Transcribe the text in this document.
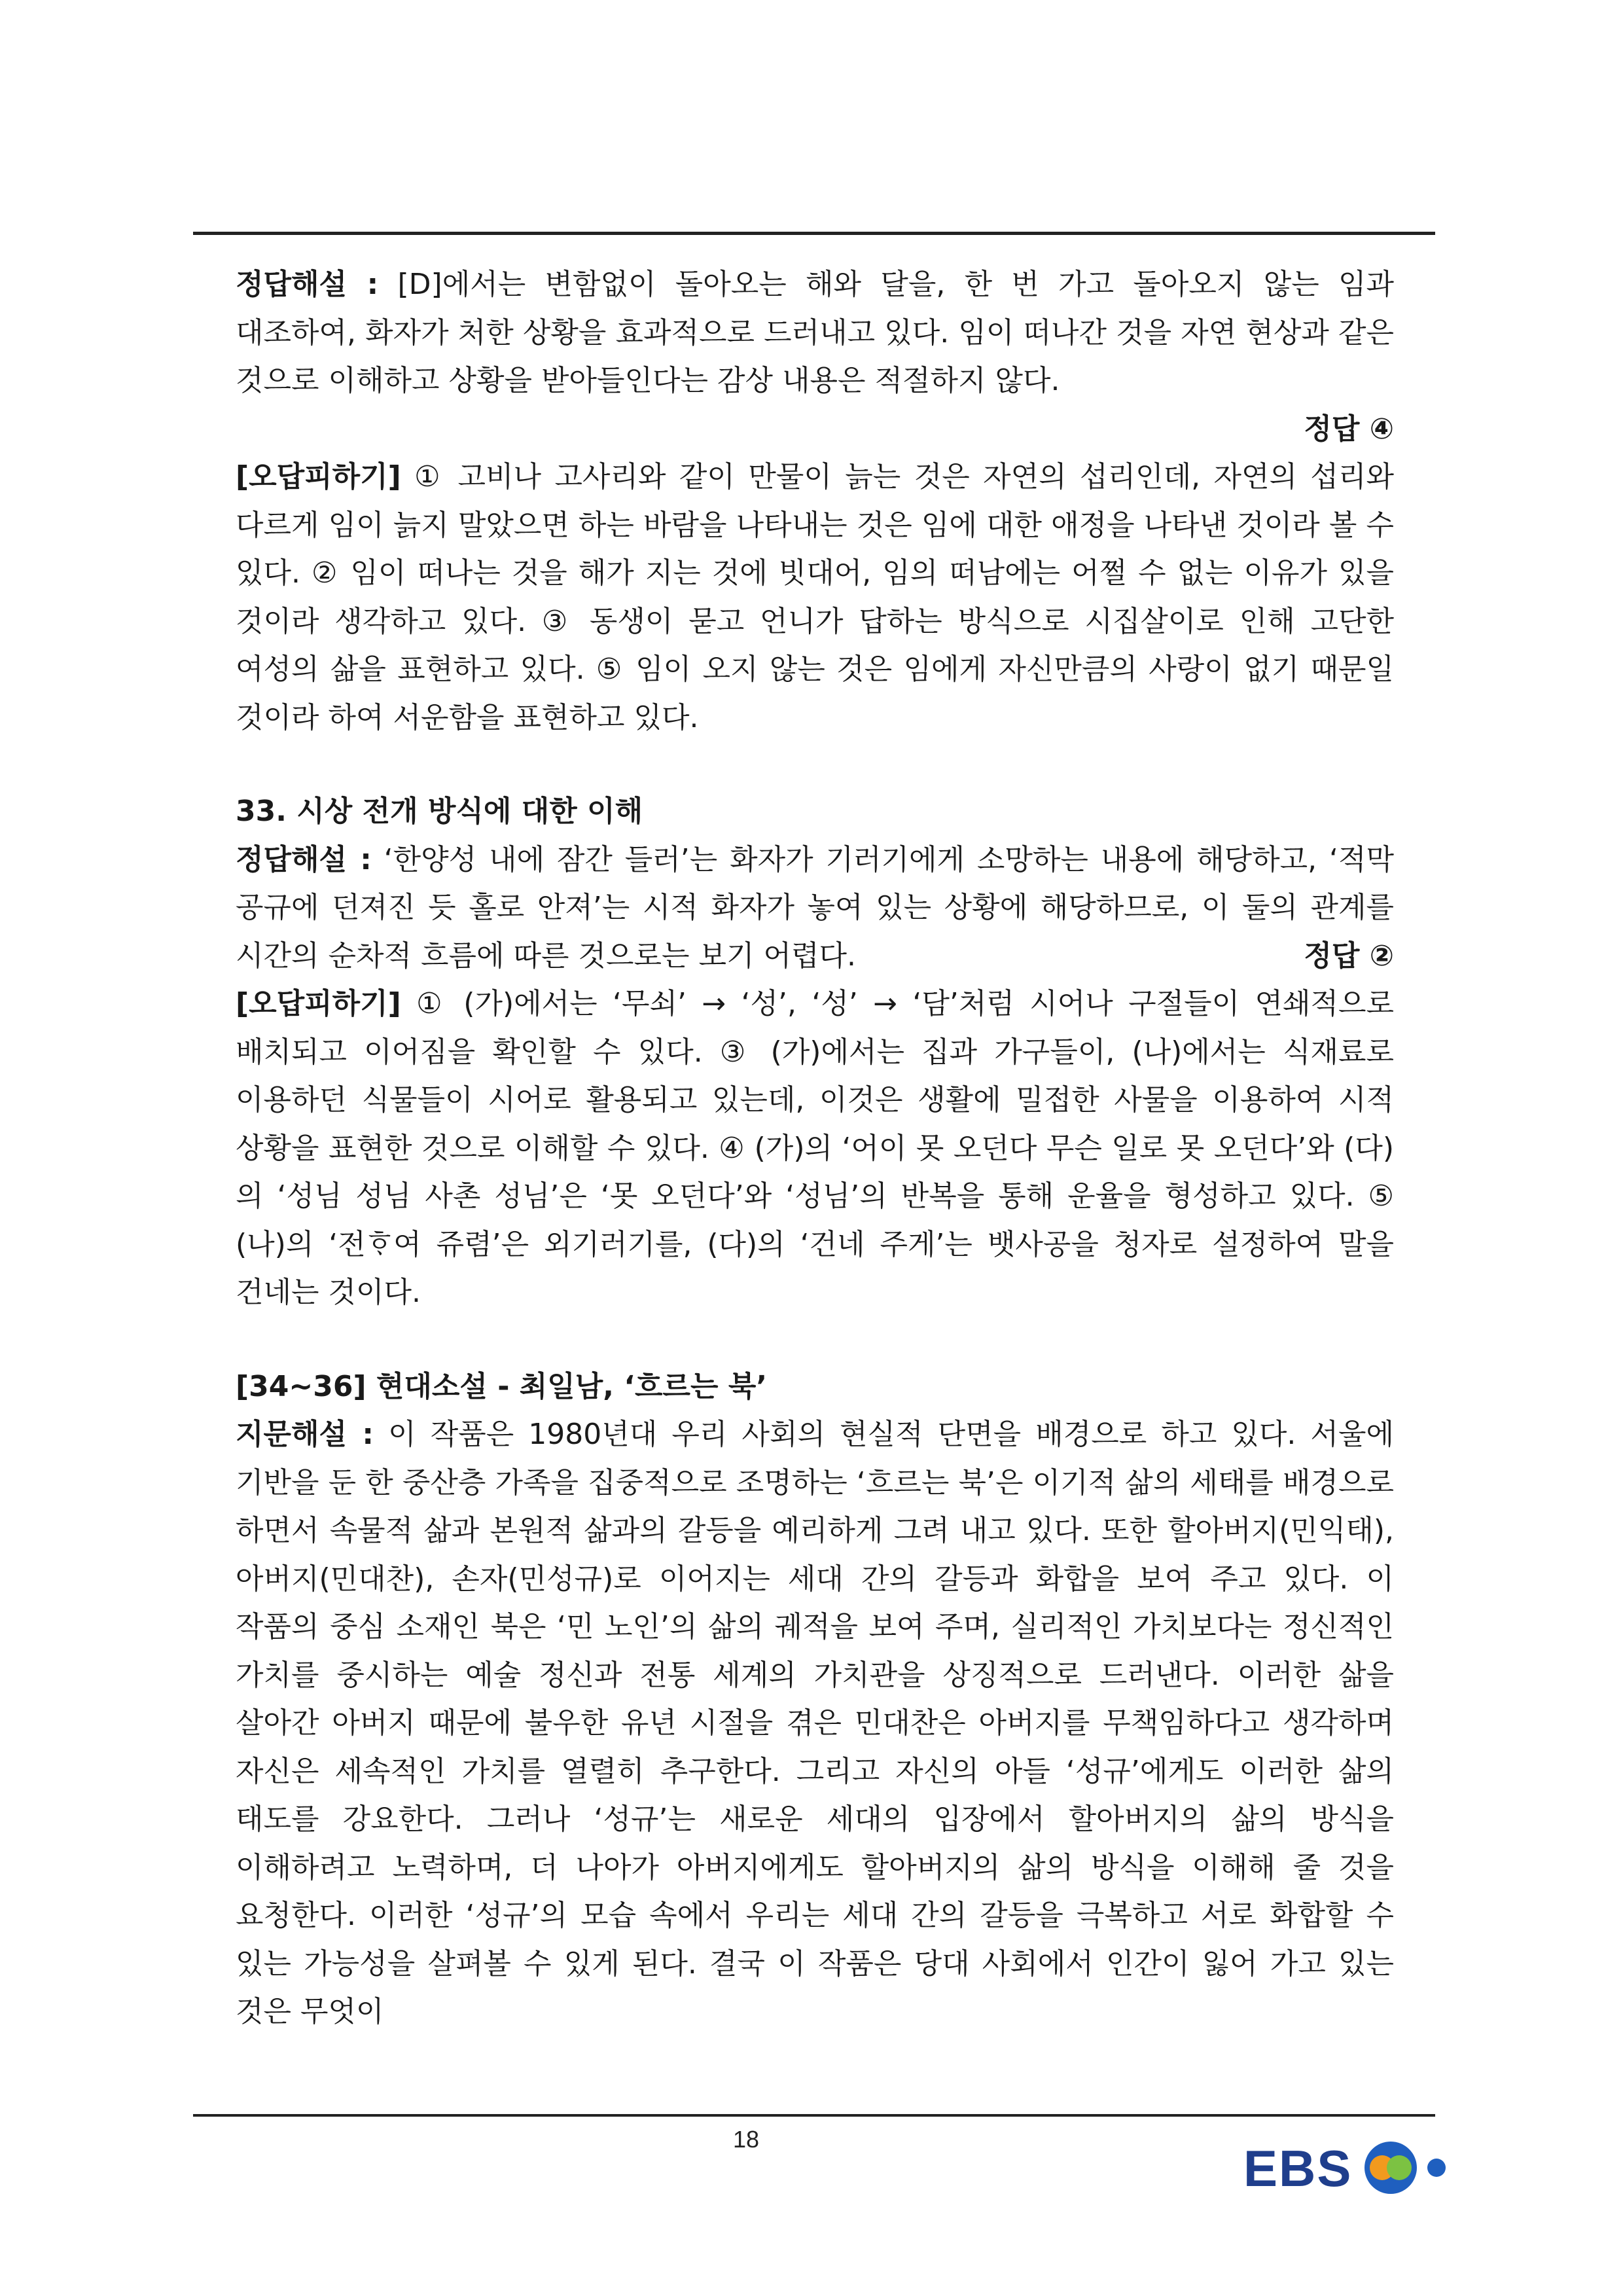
정답해설 : [D]에서는 변함없이 돌아오는 해와 달을, 한 번 가고 돌아오지 않는 임과 대조하여, 화자가 처한 상황을 효과적으로 드러내고 있다. 임이 떠나간 것을 자연 현상과 같은 것으로 이해하고 상황을 받아들인다는 감상 내용은 적절하지 않다.

정답 ④

[오답피하기] ① 고비나 고사리와 같이 만물이 늙는 것은 자연의 섭리인데, 자연의 섭리와 다르게 임이 늙지 말았으면 하는 바람을 나타내는 것은 임에 대한 애정을 나타낸 것이라 볼 수 있다. ② 임이 떠나는 것을 해가 지는 것에 빗대어, 임의 떠남에는 어쩔 수 없는 이유가 있을 것이라 생각하고 있다. ③ 동생이 묻고 언니가 답하는 방식으로 시집살이로 인해 고단한 여성의 삶을 표현하고 있다. ⑤ 임이 오지 않는 것은 임에게 자신만큼의 사랑이 없기 때문일 것이라 하여 서운함을 표현하고 있다.

33. 시상 전개 방식에 대한 이해

정답해설 : ‘한양성 내에 잠간 들러’는 화자가 기러기에게 소망하는 내용에 해당하고, ‘적막 공규에 던져진 듯 홀로 안져’는 시적 화자가 놓여 있는 상황에 해당하므로, 이 둘의 관계를 시간의 순차적 흐름에 따른 것으로는 보기 어렵다.	정답 ②

[오답피하기] ① (가)에서는 ‘무쇠’ → ‘성’, ‘성’ → ‘담’처럼 시어나 구절들이 연쇄적으로 배치되고 이어짐을 확인할 수 있다. ③ (가)에서는 집과 가구들이, (나)에서는 식재료로 이용하던 식물들이 시어로 활용되고 있는데, 이것은 생활에 밀접한 사물을 이용하여 시적 상황을 표현한 것으로 이해할 수 있다. ④ (가)의 ‘어이 못 오던다 무슨 일로 못 오던다’와 (다)의 ‘성님 성님 사촌 성님’은 ‘못 오던다’와 ‘성님’의 반복을 통해 운율을 형성하고 있다. ⑤ (나)의 ‘전ᄒᆞ여 쥬렴’은 외기러기를, (다)의 ‘건네 주게’는 뱃사공을 청자로 설정하여 말을 건네는 것이다.

[34~36] 현대소설 - 최일남, ‘흐르는 북’

지문해설 : 이 작품은 1980년대 우리 사회의 현실적 단면을 배경으로 하고 있다. 서울에 기반을 둔 한 중산층 가족을 집중적으로 조명하는 ‘흐르는 북’은 이기적 삶의 세태를 배경으로 하면서 속물적 삶과 본원적 삶과의 갈등을 예리하게 그려 내고 있다. 또한 할아버지(민익태), 아버지(민대찬), 손자(민성규)로 이어지는 세대 간의 갈등과 화합을 보여 주고 있다. 이 작품의 중심 소재인 북은 ‘민 노인’의 삶의 궤적을 보여 주며, 실리적인 가치보다는 정신적인 가치를 중시하는 예술 정신과 전통 세계의 가치관을 상징적으로 드러낸다. 이러한 삶을 살아간 아버지 때문에 불우한 유년 시절을 겪은 민대찬은 아버지를 무책임하다고 생각하며 자신은 세속적인 가치를 열렬히 추구한다. 그리고 자신의 아들 ‘성규’에게도 이러한 삶의 태도를 강요한다. 그러나 ‘성규’는 새로운 세대의 입장에서 할아버지의 삶의 방식을 이해하려고 노력하며, 더 나아가 아버지에게도 할아버지의 삶의 방식을 이해해 줄 것을 요청한다. 이러한 ‘성규’의 모습 속에서 우리는 세대 간의 갈등을 극복하고 서로 화합할 수 있는 가능성을 살펴볼 수 있게 된다. 결국 이 작품은 당대 사회에서 인간이 잃어 가고 있는 것은 무엇이

18
EBS
